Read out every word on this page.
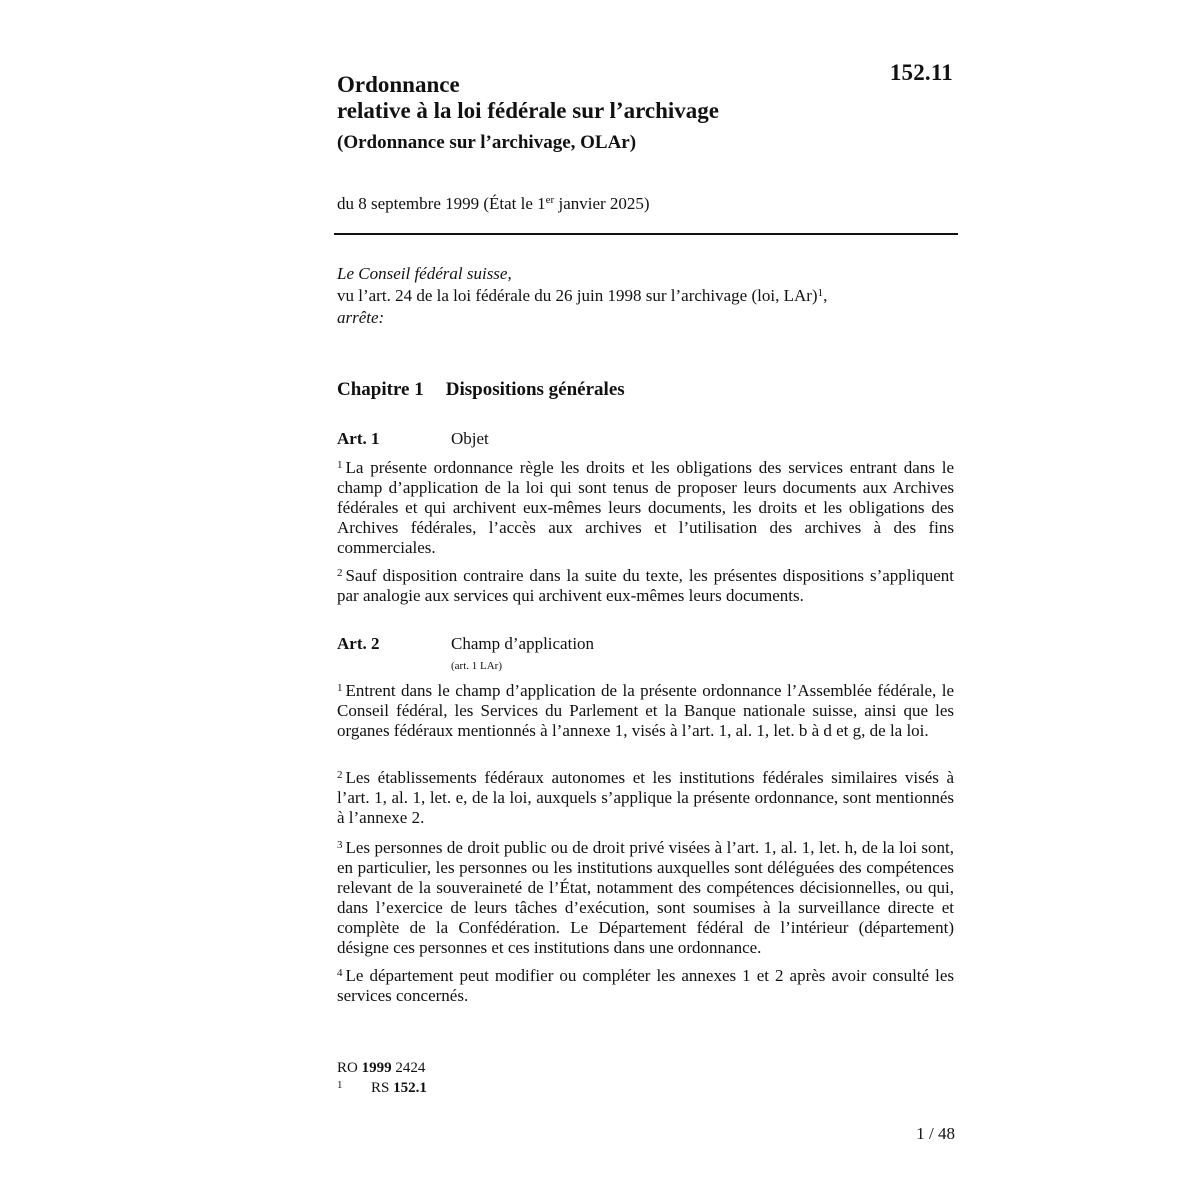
152.11
Ordonnance
relative à la loi fédérale sur l’archivage
(Ordonnance sur l’archivage, OLAr)
du 8 septembre 1999 (État le 1er janvier 2025)
Le Conseil fédéral suisse,
vu l’art. 24 de la loi fédérale du 26 juin 1998 sur l’archivage (loi, LAr)$^1$,
arrête:
Chapitre 1 Dispositions générales
Art. 1	Objet
$^1$ La présente ordonnance règle les droits et les obligations des services entrant dans le champ d’application de la loi qui sont tenus de proposer leurs documents aux Archives fédérales et qui archivent eux-mêmes leurs documents, les droits et les obligations des Archives fédérales, l’accès aux archives et l’utilisation des archives à des fins commerciales.
$^2$ Sauf disposition contraire dans la suite du texte, les présentes dispositions s’appliquent par analogie aux services qui archivent eux-mêmes leurs documents.
Art. 2	Champ d’application
(art. 1 LAr)
$^1$ Entrent dans le champ d’application de la présente ordonnance l’Assemblée fédérale, le Conseil fédéral, les Services du Parlement et la Banque nationale suisse, ainsi que les organes fédéraux mentionnés à l’annexe 1, visés à l’art. 1, al. 1, let. b à d et g, de la loi.
$^2$ Les établissements fédéraux autonomes et les institutions fédérales similaires visés à l’art. 1, al. 1, let. e, de la loi, auxquels s’applique la présente ordonnance, sont mentionnés à l’annexe 2.
$^3$ Les personnes de droit public ou de droit privé visées à l’art. 1, al. 1, let. h, de la loi sont, en particulier, les personnes ou les institutions auxquelles sont déléguées des compétences relevant de la souveraineté de l’État, notamment des compétences décisionnelles, ou qui, dans l’exercice de leurs tâches d’exécution, sont soumises à la surveillance directe et complète de la Confédération. Le Département fédéral de l’intérieur (département) désigne ces personnes et ces institutions dans une ordonnance.
$^4$ Le département peut modifier ou compléter les annexes 1 et 2 après avoir consulté les services concernés.
RO 1999 2424
1 RS 152.1
1 / 48
